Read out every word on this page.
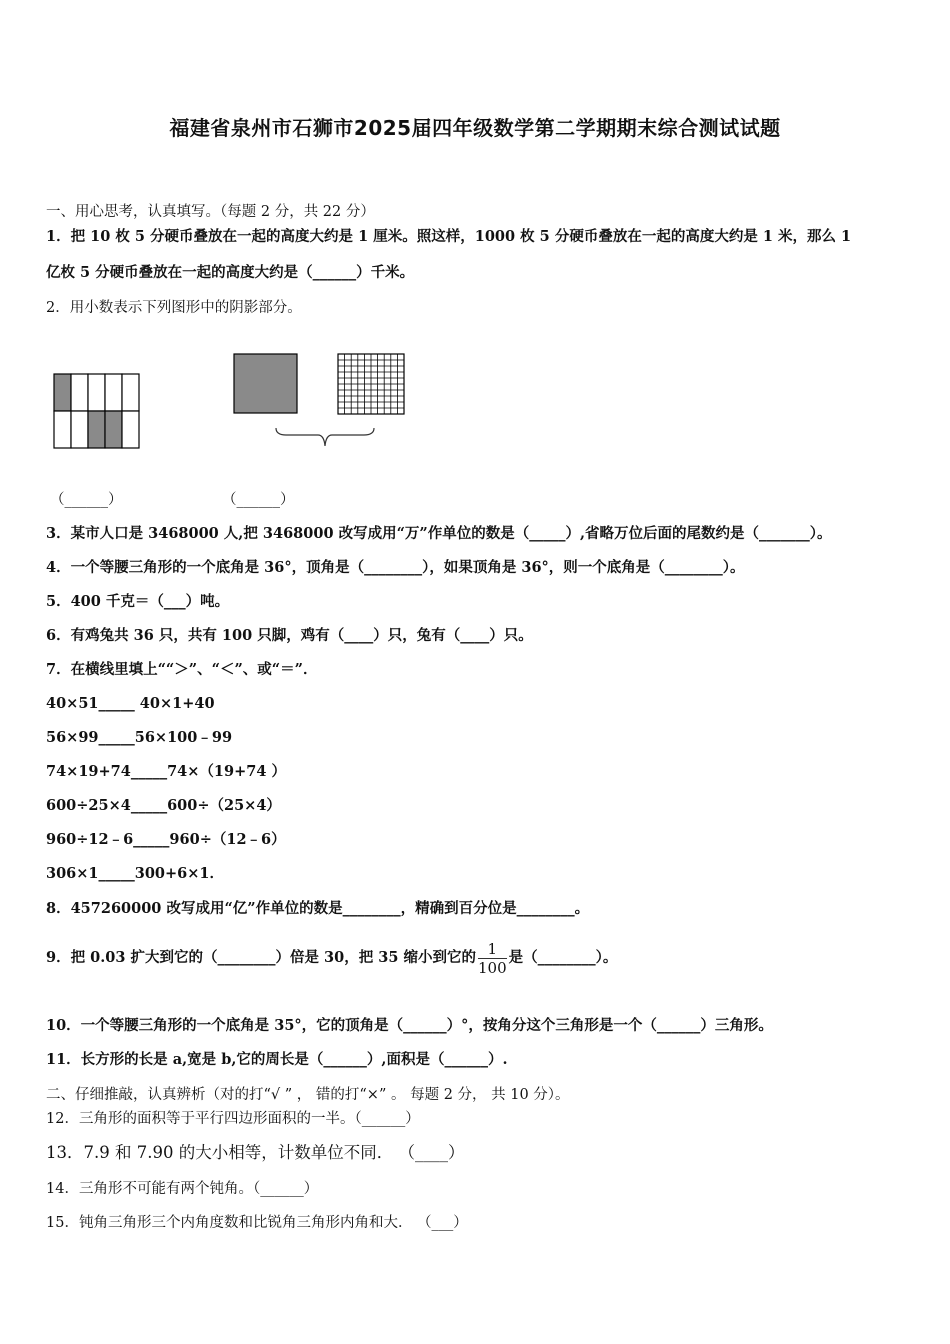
福建省泉州市石狮市2025届四年级数学第二学期期末综合测试试题
一、用心思考，认真填写。（每题 2 分，共 22 分）
1．把 10 枚 5 分硬币叠放在一起的高度大约是 1 厘米。照这样，1000 枚 5 分硬币叠放在一起的高度大约是 1 米，那么 1
亿枚 5 分硬币叠放在一起的高度大约是（______）千米。
2．用小数表示下列图形中的阴影部分。
（______）	（______）
3．某市人口是 3468000 人,把 3468000 改写成用“万”作单位的数是（_____）,省略万位后面的尾数约是（_______）。
4．一个等腰三角形的一个底角是 36°，顶角是（________），如果顶角是 36°，则一个底角是（________）。
5．400 千克＝（___）吨。
6．有鸡兔共 36 只，共有 100 只脚，鸡有（____）只，兔有（____）只。
7．在横线里填上““＞”、“＜”、或“＝”．
40×51_____ 40×1+40
56×99_____56×100﹣99
74×19+74_____74×（19+74 ）
600÷25×4_____600÷（25×4）
960÷12﹣6_____960÷（12﹣6）
306×1_____300+6×1．
8．457260000 改写成用“亿”作单位的数是________，精确到百分位是________。
9．把 0.03 扩大到它的（________）倍是 30，把 35 缩小到它的 $\frac{1}{100}$ 是（________）。
10．一个等腰三角形的一个底角是 35°，它的顶角是（______）°，按角分这个三角形是一个（______）三角形。
11．长方形的长是 a,宽是 b,它的周长是（______）,面积是（______）.
二、仔细推敲，认真辨析（对的打“√ ” ， 错的打“×” 。 每题 2 分， 共 10 分）。
12．三角形的面积等于平行四边形面积的一半。（______）
13．7.9 和 7.90 的大小相等，计数单位不同． （____）
14．三角形不可能有两个钝角。（______）
15．钝角三角形三个内角度数和比锐角三角形内角和大． （___）
